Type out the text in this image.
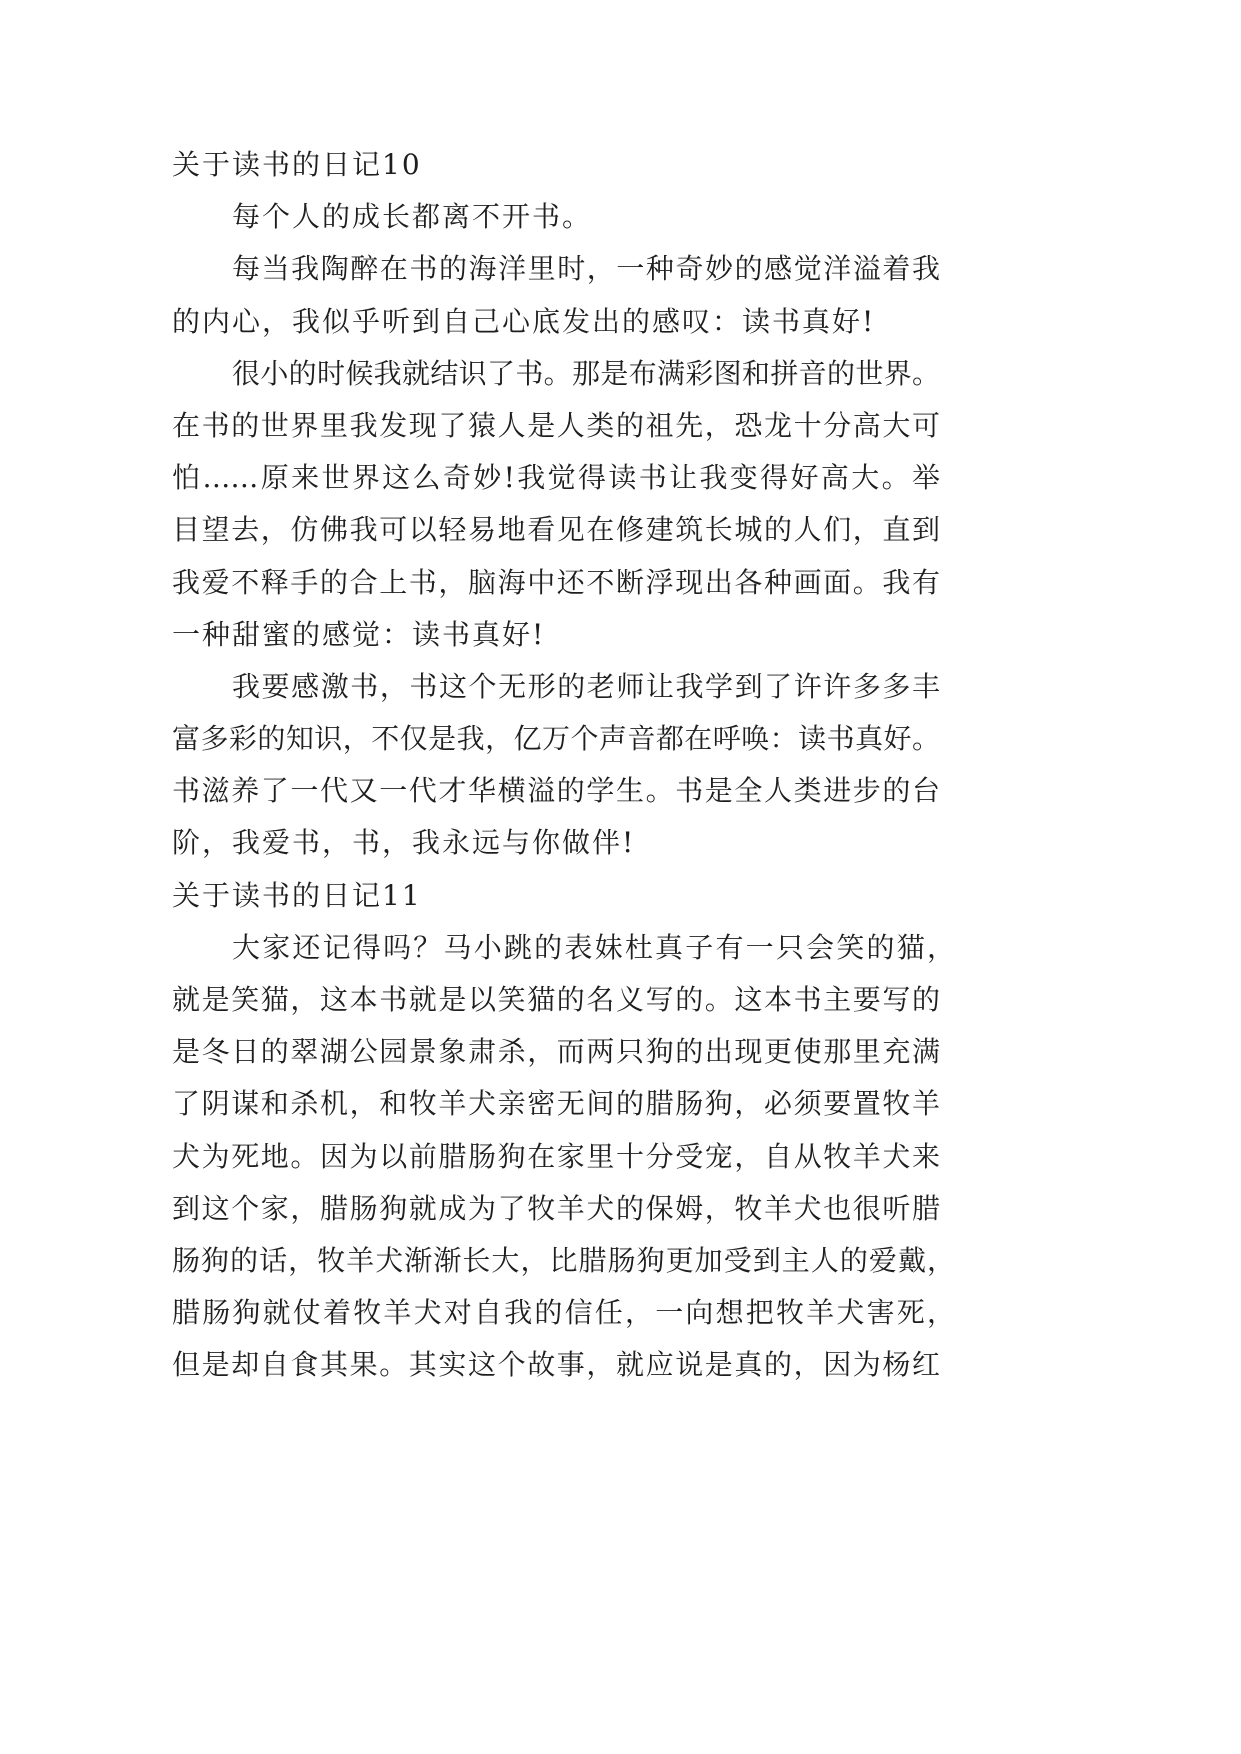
关于读书的日记10
每个人的成长都离不开书。
每当我陶醉在书的海洋里时，一种奇妙的感觉洋溢着我
的内心，我似乎听到自己心底发出的感叹：读书真好!
很小的时候我就结识了书。那是布满彩图和拼音的世界。
在书的世界里我发现了猿人是人类的祖先，恐龙十分高大可
怕……原来世界这么奇妙!我觉得读书让我变得好高大。举
目望去，仿佛我可以轻易地看见在修建筑长城的人们，直到
我爱不释手的合上书，脑海中还不断浮现出各种画面。我有
一种甜蜜的感觉：读书真好!
我要感激书，书这个无形的老师让我学到了许许多多丰
富多彩的知识，不仅是我，亿万个声音都在呼唤：读书真好。
书滋养了一代又一代才华横溢的学生。书是全人类进步的台
阶，我爱书，书，我永远与你做伴!
关于读书的日记11
大家还记得吗？马小跳的表妹杜真子有一只会笑的猫，
就是笑猫，这本书就是以笑猫的名义写的。这本书主要写的
是冬日的翠湖公园景象肃杀，而两只狗的出现更使那里充满
了阴谋和杀机，和牧羊犬亲密无间的腊肠狗，必须要置牧羊
犬为死地。因为以前腊肠狗在家里十分受宠，自从牧羊犬来
到这个家，腊肠狗就成为了牧羊犬的保姆，牧羊犬也很听腊
肠狗的话，牧羊犬渐渐长大，比腊肠狗更加受到主人的爱戴，
腊肠狗就仗着牧羊犬对自我的信任，一向想把牧羊犬害死，
但是却自食其果。其实这个故事，就应说是真的，因为杨红
